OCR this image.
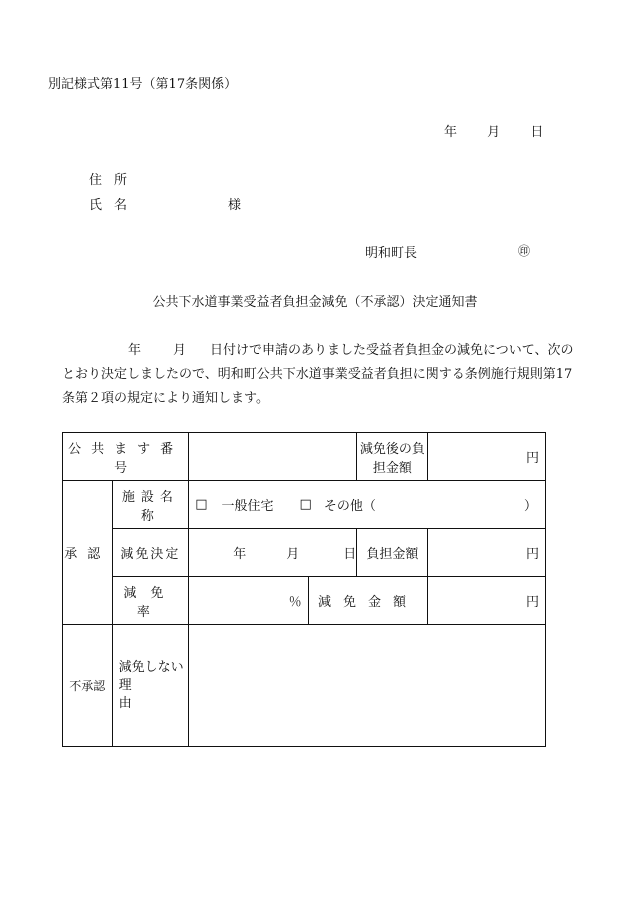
別記様式第11号（第17条関係）
年 月 日
住所
氏名	様
明和町長	㊞
公共下水道事業受益者負担金減免（不承認）決定通知書
年 月 日付けで申請のありました受益者負担金の減免について、次の
とおり決定しましたので、明和町公共下水道事業受益者負担に関する条例施行規則第17
条第２項の規定により通知します。
公共ます番号				減免後の負担金額	円
承認	施設名称	□ 一般住宅 □ その他（ ）			

	減免決定	年 月 日		負担金額	円
	減免率	％	減免金額		円
不承認	減免しない
理由				
